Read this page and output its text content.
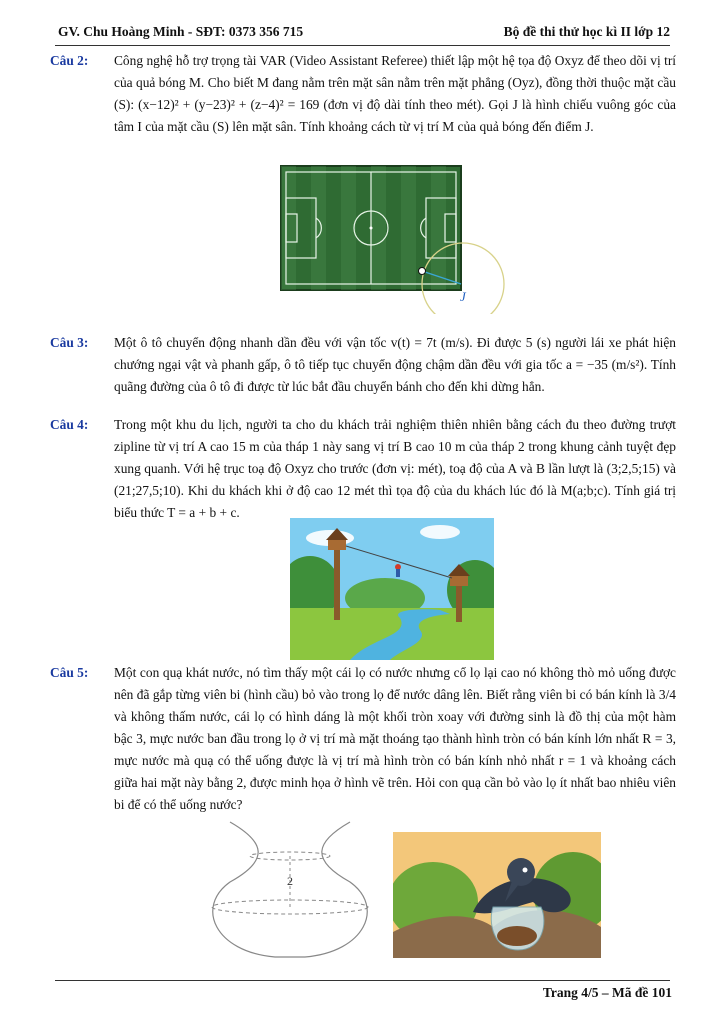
GV. Chu Hoàng Minh - SĐT: 0373 356 715	Bộ đề thi thử học kì II lớp 12
Câu 2: Công nghệ hỗ trợ trọng tài VAR (Video Assistant Referee) thiết lập một hệ tọa độ Oxyz để theo dõi vị trí của quả bóng M. Cho biết M đang nằm trên mặt sân nằm trên mặt phẳng (Oyz), đồng thời thuộc mặt cầu (S): (x−12)² + (y−23)² + (z−4)² = 169 (đơn vị độ dài tính theo mét). Gọi J là hình chiếu vuông góc của tâm I của mặt cầu (S) lên mặt sân. Tính khoảng cách từ vị trí M của quả bóng đến điểm J.
J
Câu 3: Một ô tô chuyển động nhanh dần đều với vận tốc v(t) = 7t (m/s). Đi được 5 (s) người lái xe phát hiện chướng ngại vật và phanh gấp, ô tô tiếp tục chuyển động chậm dần đều với gia tốc a = −35 (m/s²). Tính quãng đường của ô tô đi được từ lúc bắt đầu chuyển bánh cho đến khi dừng hẳn.
Câu 4: Trong một khu du lịch, người ta cho du khách trải nghiệm thiên nhiên bằng cách đu theo đường trượt zipline từ vị trí A cao 15 m của tháp 1 này sang vị trí B cao 10 m của tháp 2 trong khung cảnh tuyệt đẹp xung quanh. Với hệ trục toạ độ Oxyz cho trước (đơn vị: mét), toạ độ của A và B lần lượt là (3;2,5;15) và (21;27,5;10). Khi du khách khi ở độ cao 12 mét thì tọa độ của du khách lúc đó là M(a;b;c). Tính giá trị biểu thức T = a + b + c.
Câu 5: Một con quạ khát nước, nó tìm thấy một cái lọ có nước nhưng cổ lọ lại cao nó không thò mỏ uống được nên đã gắp từng viên bi (hình cầu) bỏ vào trong lọ để nước dâng lên. Biết rằng viên bi có bán kính là 3/4 và không thấm nước, cái lọ có hình dáng là một khối tròn xoay với đường sinh là đồ thị của một hàm bậc 3, mực nước ban đầu trong lọ ở vị trí mà mặt thoáng tạo thành hình tròn có bán kính lớn nhất R = 3, mực nước mà quạ có thể uống được là vị trí mà hình tròn có bán kính nhỏ nhất r = 1 và khoảng cách giữa hai mặt này bằng 2, được minh họa ở hình vẽ trên. Hỏi con quạ cần bỏ vào lọ ít nhất bao nhiêu viên bi để có thể uống nước?
2
Trang 4/5 – Mã đề 101
